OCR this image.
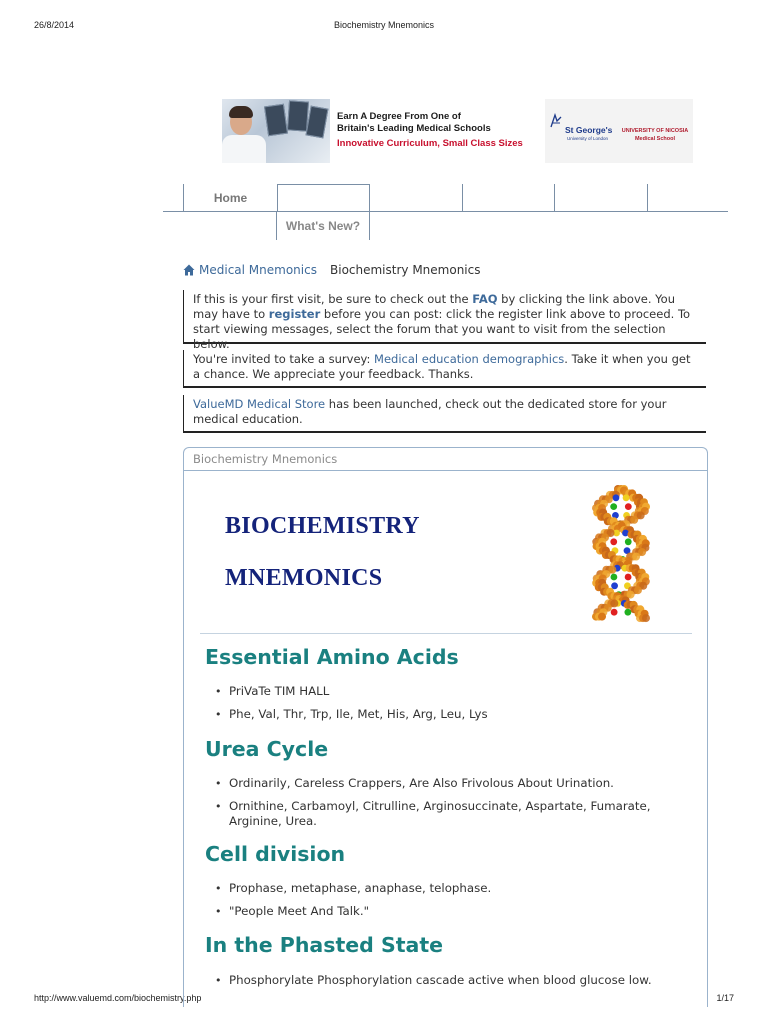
26/8/2014	Biochemistry Mnemonics
http://www.valuemd.com/biochemistry.php	1/17
Earn A Degree From One of
Britain's Leading Medical Schools
Innovative Curriculum, Small Class Sizes
St George's
University of London
UNIVERSITY OF NICOSIA
Medical School
Home
What's New?
Medical Mnemonics Biochemistry Mnemonics
If this is your first visit, be sure to check out the FAQ by clicking the link above. You may have to register before you can post: click the register link above to proceed. To start viewing messages, select the forum that you want to visit from the selection below.
You're invited to take a survey: Medical education demographics. Take it when you get a chance. We appreciate your feedback. Thanks.
ValueMD Medical Store has been launched, check out the dedicated store for your medical education.
Biochemistry Mnemonics
BIOCHEMISTRY
MNEMONICS
Essential Amino Acids
• PriVaTe TIM HALL
• Phe, Val, Thr, Trp, Ile, Met, His, Arg, Leu, Lys
Urea Cycle
• Ordinarily, Careless Crappers, Are Also Frivolous About Urination.
• Ornithine, Carbamoyl, Citrulline, Arginosuccinate, Aspartate, Fumarate, Arginine, Urea.
Cell division
• Prophase, metaphase, anaphase, telophase.
• "People Meet And Talk."
In the Phasted State
• Phosphorylate Phosphorylation cascade active when blood glucose low.
